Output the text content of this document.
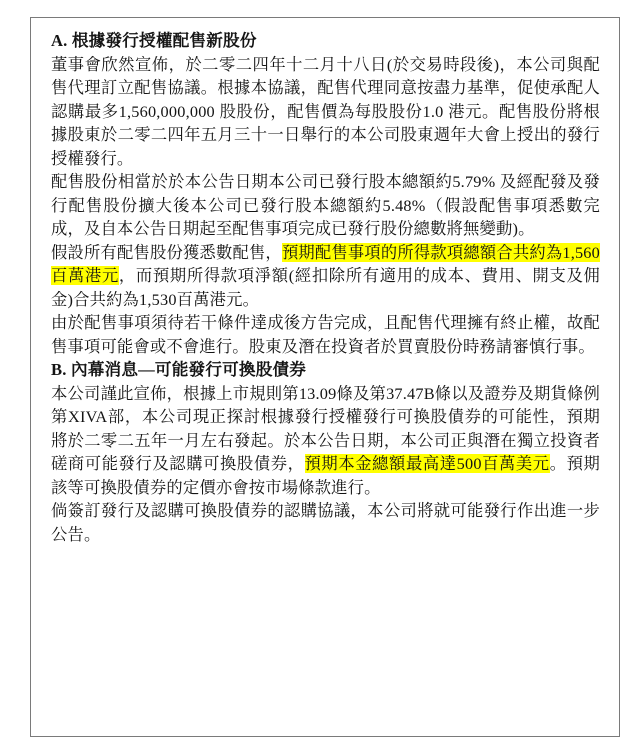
A. 根據發行授權配售新股份

董事會欣然宣佈，於二零二四年十二月十八日(於交易時段後)，本公司與配售代理訂立配售協議。根據本協議，配售代理同意按盡力基準，促使承配人認購最多1,560,000,000 股股份，配售價為每股股份1.0 港元。配售股份將根據股東於二零二四年五月三十一日舉行的本公司股東週年大會上授出的發行授權發行。

配售股份相當於於本公告日期本公司已發行股本總額約5.79% 及經配發及發行配售股份擴大後本公司已發行股本總額約5.48%（假設配售事項悉數完成，及自本公告日期起至配售事項完成已發行股份總數將無變動)。

假設所有配售股份獲悉數配售，預期配售事項的所得款項總額合共約為1,560百萬港元，而預期所得款項淨額(經扣除所有適用的成本、費用、開支及佣金)合共約為1,530百萬港元。

由於配售事項須待若干條件達成後方告完成，且配售代理擁有終止權，故配售事項可能會或不會進行。股東及潛在投資者於買賣股份時務請審慎行事。

B. 內幕消息—可能發行可換股債券

本公司謹此宣佈，根據上市規則第13.09條及第37.47B條以及證券及期貨條例第XIVA部，本公司現正探討根據發行授權發行可換股債券的可能性，預期將於二零二五年一月左右發起。於本公告日期，本公司正與潛在獨立投資者磋商可能發行及認購可換股債券，預期本金總額最高達500百萬美元。預期該等可換股債券的定價亦會按市場條款進行。

倘簽訂發行及認購可換股債券的認購協議，本公司將就可能發行作出進一步公告。
